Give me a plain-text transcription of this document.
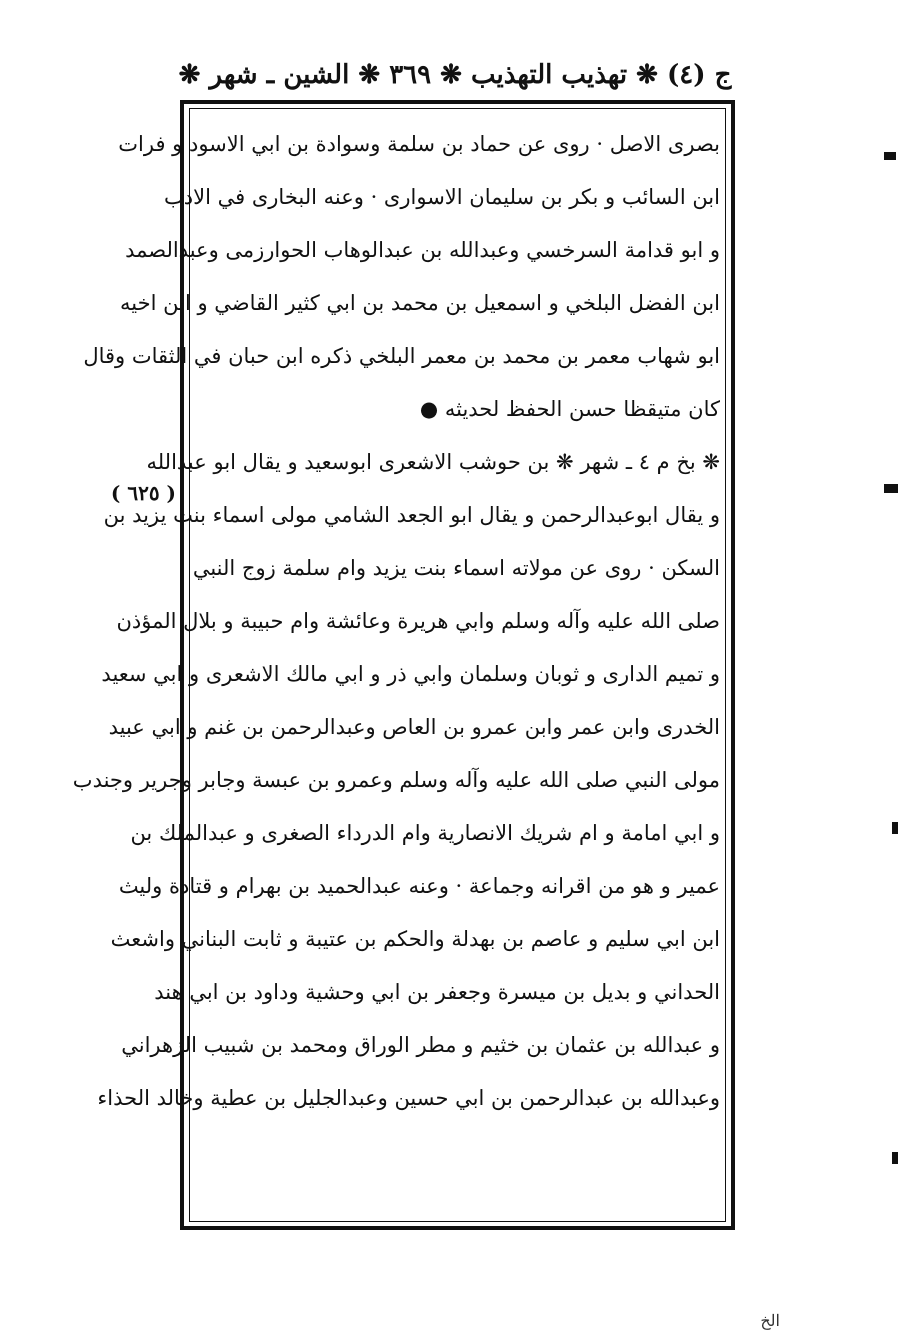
ج (٤) ❋ تهذيب التهذيب ❋ ٣٦٩ ❋ الشين ـ شهر ❋
( ٦٢٥ )
بصرى الاصل · روى عن حماد بن سلمة وسوادة بن ابي الاسود و فرات
ابن السائب و بكر بن سليمان الاسوارى · وعنه البخارى في الادب
و ابو قدامة السرخسي وعبدالله بن عبدالوهاب الحوارزمى وعبدالصمد
ابن الفضل البلخي و اسمعيل بن محمد بن ابي كثير القاضي و ابن اخيه
ابو شهاب معمر بن محمد بن معمر البلخي ذكره ابن حبان في الثقات وقال
كان متيقظا حسن الحفظ لحديثه ●
❋ بخ م ٤ ـ شهر ❋ بن حوشب الاشعرى ابوسعيد و يقال ابو عبدالله
و يقال ابوعبدالرحمن و يقال ابو الجعد الشامي مولى اسماء بنت يزيد بن
السكن · روى عن مولاته اسماء بنت يزيد وام سلمة زوج النبي
صلى الله عليه وآله وسلم وابي هريرة وعائشة وام حبيبة و بلال المؤذن
و تميم الدارى و ثوبان وسلمان وابي ذر و ابي مالك الاشعرى و ابي سعيد
الخدرى وابن عمر وابن عمرو بن العاص وعبدالرحمن بن غنم و ابي عبيد
مولى النبي صلى الله عليه وآله وسلم وعمرو بن عبسة وجابر وجرير وجندب
و ابي امامة و ام شريك الانصارية وام الدرداء الصغرى و عبدالملك بن
عمير و هو من اقرانه وجماعة · وعنه عبدالحميد بن بهرام و قتادة وليث
ابن ابي سليم و عاصم بن بهدلة والحكم بن عتيبة و ثابت البناني واشعث
الحداني و بديل بن ميسرة وجعفر بن ابي وحشية وداود بن ابي هند
و عبدالله بن عثمان بن خثيم و مطر الوراق ومحمد بن شبيب الزهراني
وعبدالله بن عبدالرحمن بن ابي حسين وعبدالجليل بن عطية وخالد الحذاء
الخ
